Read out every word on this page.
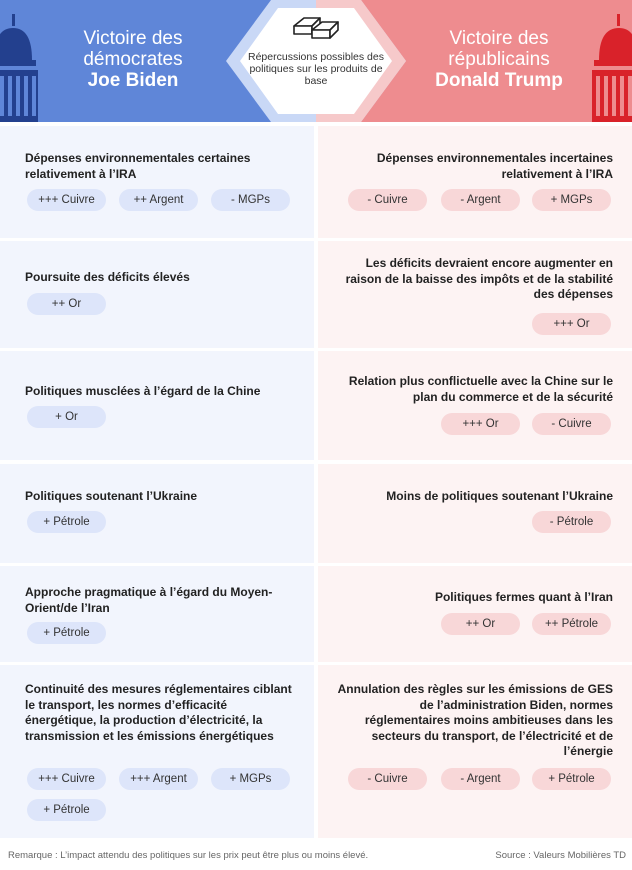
Victoire des démocrates
Joe Biden
Victoire des républicains
Donald Trump
Répercussions possibles des politiques sur les produits de base
Dépenses environnementales certaines relativement à l’IRA
+++ Cuivre	++ Argent	- MGPs
Dépenses environnementales incertaines relativement à l’IRA
- Cuivre	- Argent	+ MGPs
Poursuite des déficits élevés
++ Or
Les déficits devraient encore augmenter en raison de la baisse des impôts et de la stabilité des dépenses
+++ Or
Politiques musclées à l’égard de la Chine
+ Or
Relation plus conflictuelle avec la Chine sur le plan du commerce et de la sécurité
+++ Or	- Cuivre
Politiques soutenant l’Ukraine
+ Pétrole
Moins de politiques soutenant l’Ukraine
- Pétrole
Approche pragmatique à l’égard du Moyen-Orient/de l’Iran
+ Pétrole
Politiques fermes quant à l’Iran
++ Or	++ Pétrole
Continuité des mesures réglementaires ciblant le transport, les normes d’efficacité énergétique, la production d’électricité, la transmission et les émissions énergétiques
+++ Cuivre	+++ Argent	+ MGPs
+ Pétrole
Annulation des règles sur les émissions de GES de l’administration Biden, normes réglementaires moins ambitieuses dans les secteurs du transport, de l’électricité et de l’énergie
- Cuivre	- Argent	+ Pétrole
Remarque : L’impact attendu des politiques sur les prix peut être plus ou moins élevé.	Source : Valeurs Mobilières TD
